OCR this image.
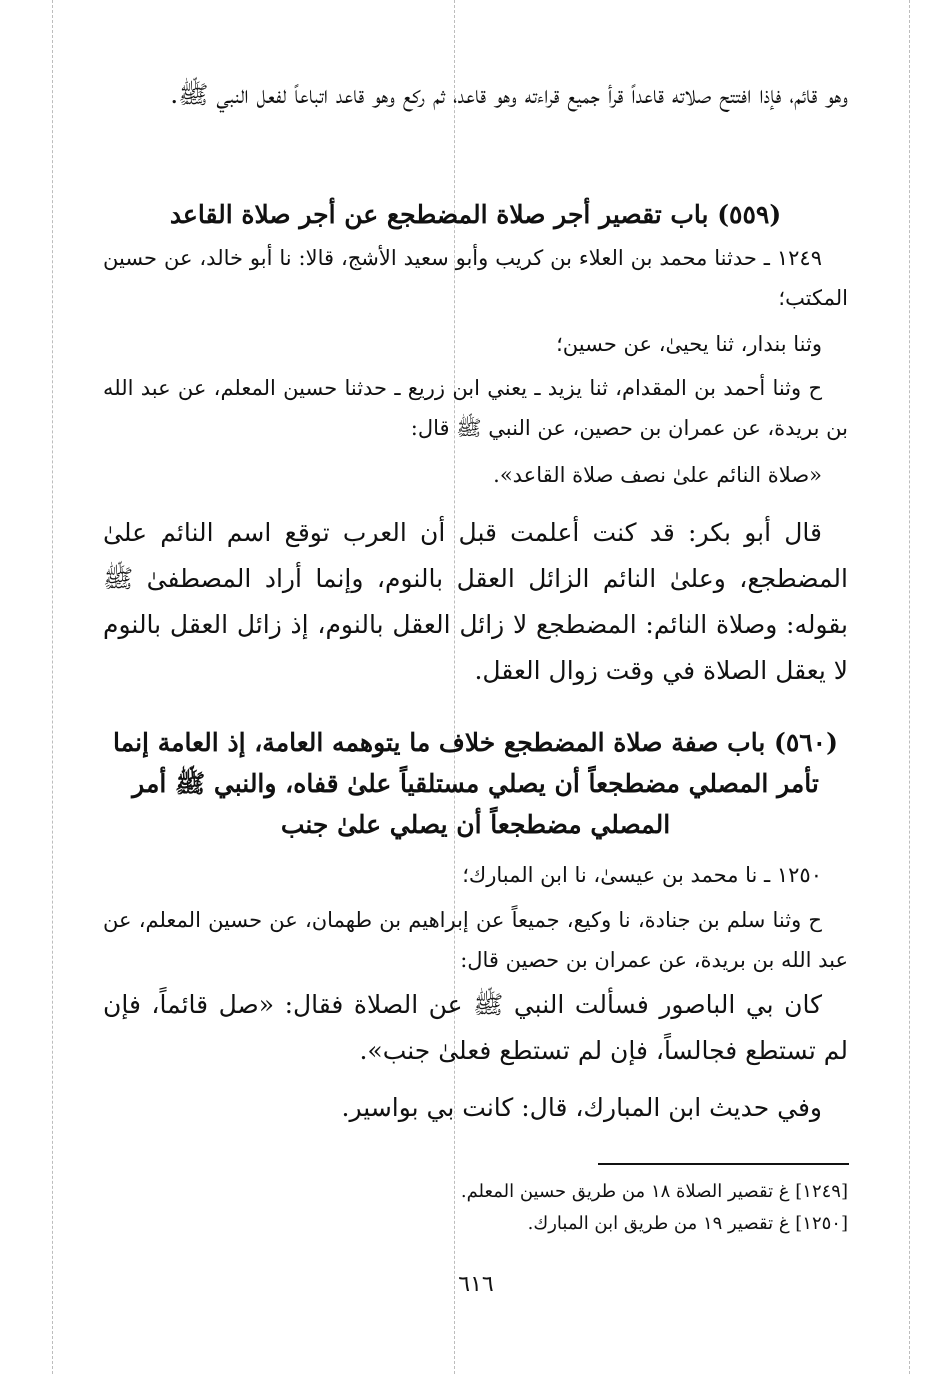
وهو قائم، فإذا افتتح صلاته قاعداً قرأ جميع قراءته وهو قاعد، ثم ركع وهو قاعد اتباعاً لفعل النبي ﷺ.

(٥٥٩) باب تقصير أجر صلاة المضطجع عن أجر صلاة القاعد

١٢٤٩ ـ حدثنا محمد بن العلاء بن كريب وأبو سعيد الأشج، قالا: نا أبو خالد، عن حسين المكتب؛

وثنا بندار، ثنا يحيىٰ، عن حسين؛

ح وثنا أحمد بن المقدام، ثنا يزيد ـ يعني ابن زريع ـ حدثنا حسين المعلم، عن عبد الله بن بريدة، عن عمران بن حصين، عن النبي ﷺ قال:

«صلاة النائم علىٰ نصف صلاة القاعد».

قال أبو بكر: قد كنت أعلمت قبل أن العرب توقع اسم النائم علىٰ المضطجع، وعلىٰ النائم الزائل العقل بالنوم، وإنما أراد المصطفىٰ ﷺ بقوله: وصلاة النائم: المضطجع لا زائل العقل بالنوم، إذ زائل العقل بالنوم لا يعقل الصلاة في وقت زوال العقل.

(٥٦٠) باب صفة صلاة المضطجع خلاف ما يتوهمه العامة، إذ العامة إنما تأمر المصلي مضطجعاً أن يصلي مستلقياً علىٰ قفاه، والنبي ﷺ أمر المصلي مضطجعاً أن يصلي علىٰ جنب

١٢٥٠ ـ نا محمد بن عيسىٰ، نا ابن المبارك؛

ح وثنا سلم بن جنادة، نا وكيع، جميعاً عن إبراهيم بن طهمان، عن حسين المعلم، عن عبد الله بن بريدة، عن عمران بن حصين قال:

كان بي الباصور فسألت النبي ﷺ عن الصلاة فقال: «صل قائماً، فإن لم تستطع فجالساً، فإن لم تستطع فعلىٰ جنب».

وفي حديث ابن المبارك، قال: كانت بي بواسير.

[١٢٤٩] غ تقصير الصلاة ١٨ من طريق حسين المعلم.

[١٢٥٠] غ تقصير ١٩ من طريق ابن المبارك.

٦١٦
